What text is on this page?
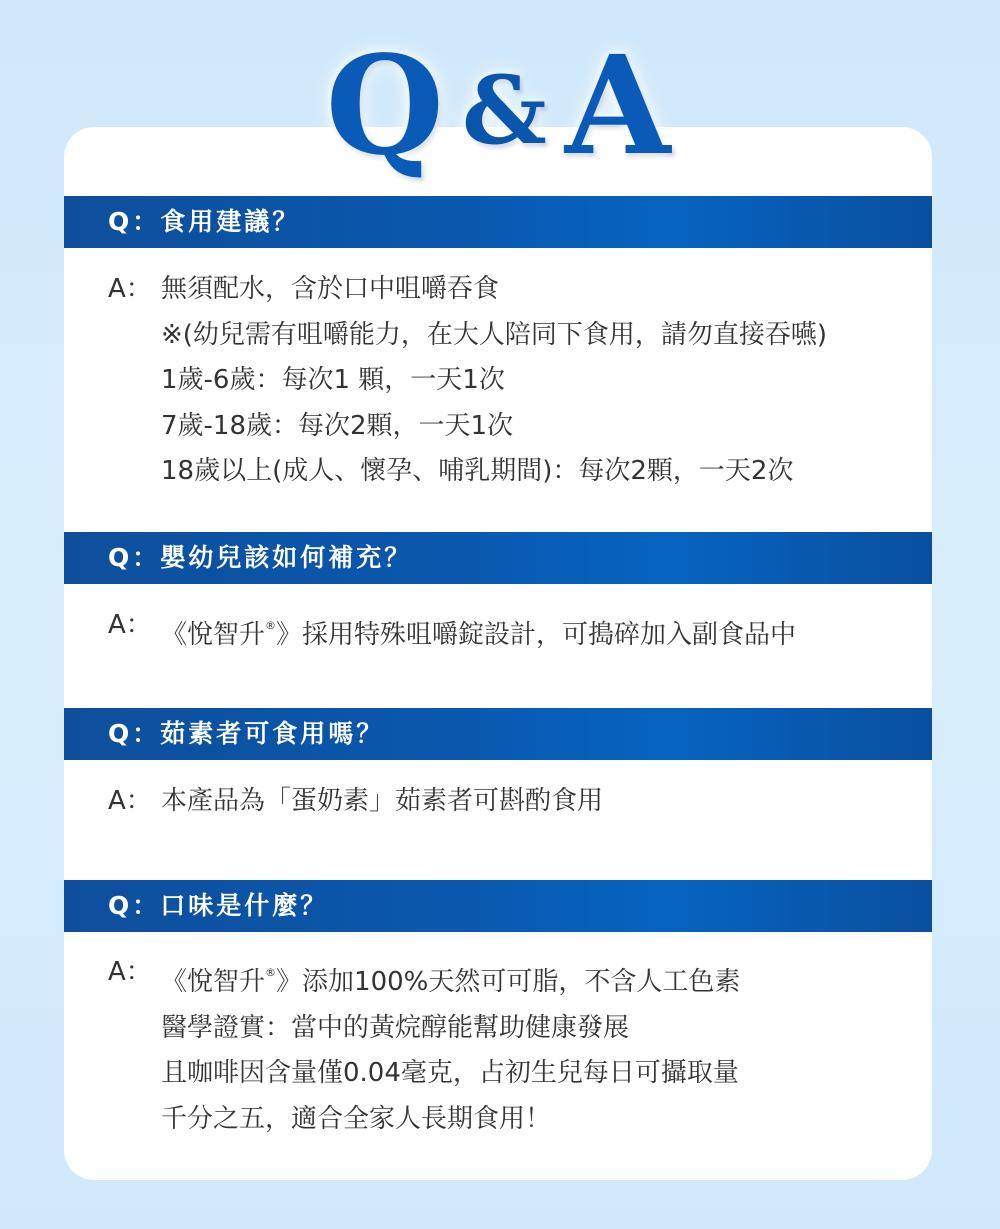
Q & A
Q：食用建議？
A： 無須配水，含於口中咀嚼吞食
※(幼兒需有咀嚼能力，在大人陪同下食用，請勿直接吞嚥)
1歲-6歲：每次1 顆，一天1次
7歲-18歲：每次2顆，一天1次
18歲以上(成人、懷孕、哺乳期間)：每次2顆，一天2次
Q：嬰幼兒該如何補充？
A： 《悅智升®》採用特殊咀嚼錠設計，可搗碎加入副食品中
Q：茹素者可食用嗎？
A： 本產品為「蛋奶素」茹素者可斟酌食用
Q：口味是什麼？
A： 《悅智升®》添加100%天然可可脂，不含人工色素
醫學證實：當中的黃烷醇能幫助健康發展
且咖啡因含量僅0.04毫克，占初生兒每日可攝取量
千分之五，適合全家人長期食用！
